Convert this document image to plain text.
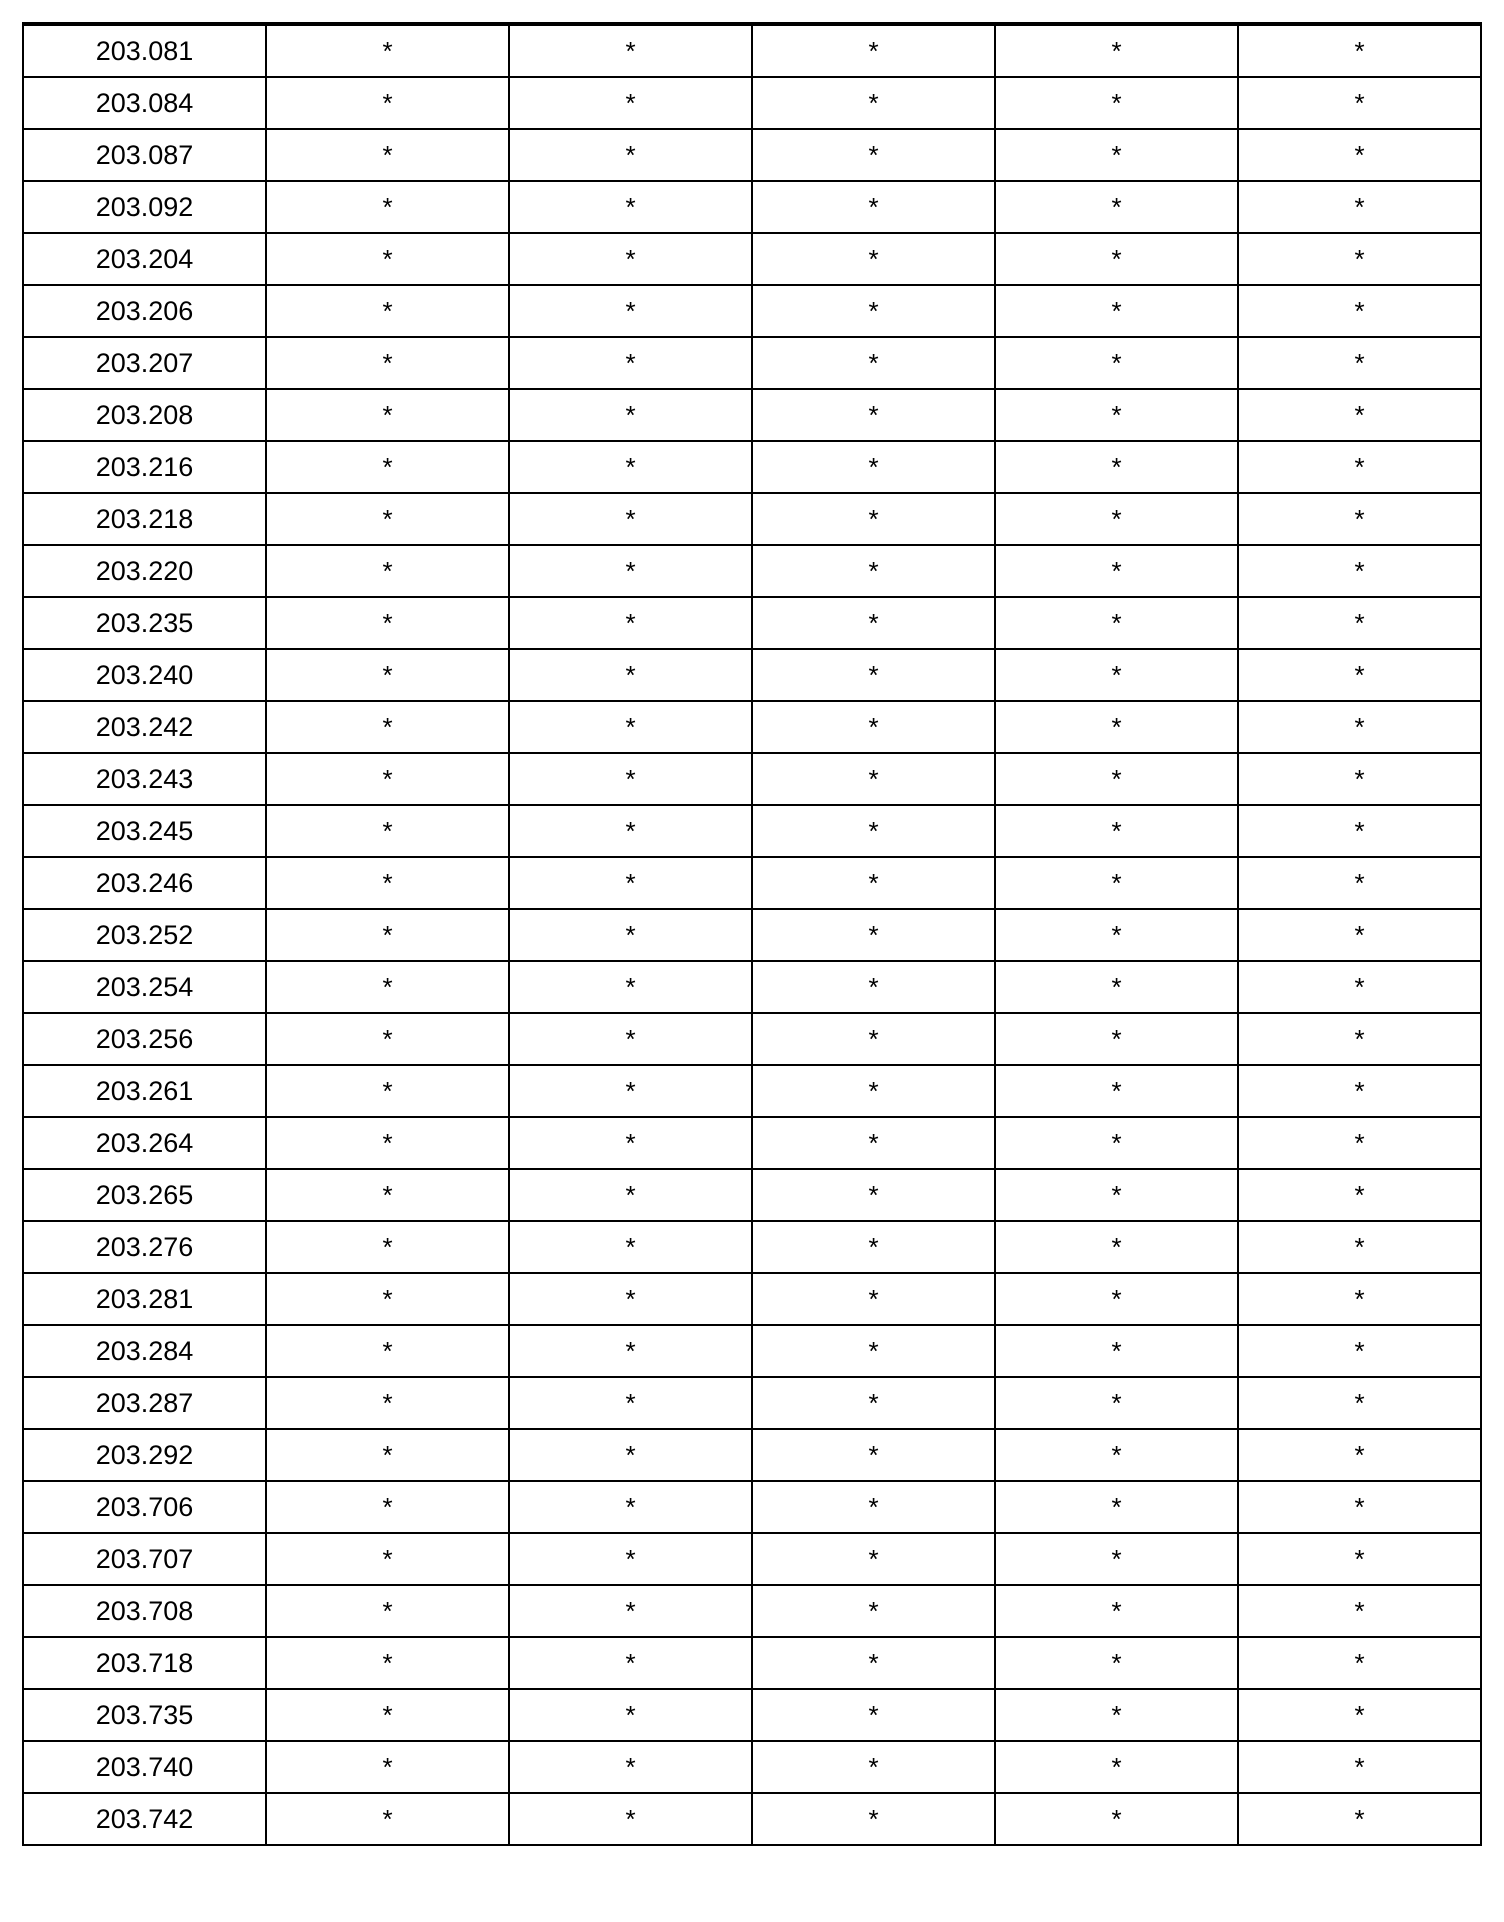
203.081	*	*	*	*	*
203.084	*	*	*	*	*
203.087	*	*	*	*	*
203.092	*	*	*	*	*
203.204	*	*	*	*	*
203.206	*	*	*	*	*
203.207	*	*	*	*	*
203.208	*	*	*	*	*
203.216	*	*	*	*	*
203.218	*	*	*	*	*
203.220	*	*	*	*	*
203.235	*	*	*	*	*
203.240	*	*	*	*	*
203.242	*	*	*	*	*
203.243	*	*	*	*	*
203.245	*	*	*	*	*
203.246	*	*	*	*	*
203.252	*	*	*	*	*
203.254	*	*	*	*	*
203.256	*	*	*	*	*
203.261	*	*	*	*	*
203.264	*	*	*	*	*
203.265	*	*	*	*	*
203.276	*	*	*	*	*
203.281	*	*	*	*	*
203.284	*	*	*	*	*
203.287	*	*	*	*	*
203.292	*	*	*	*	*
203.706	*	*	*	*	*
203.707	*	*	*	*	*
203.708	*	*	*	*	*
203.718	*	*	*	*	*
203.735	*	*	*	*	*
203.740	*	*	*	*	*
203.742	*	*	*	*	*
